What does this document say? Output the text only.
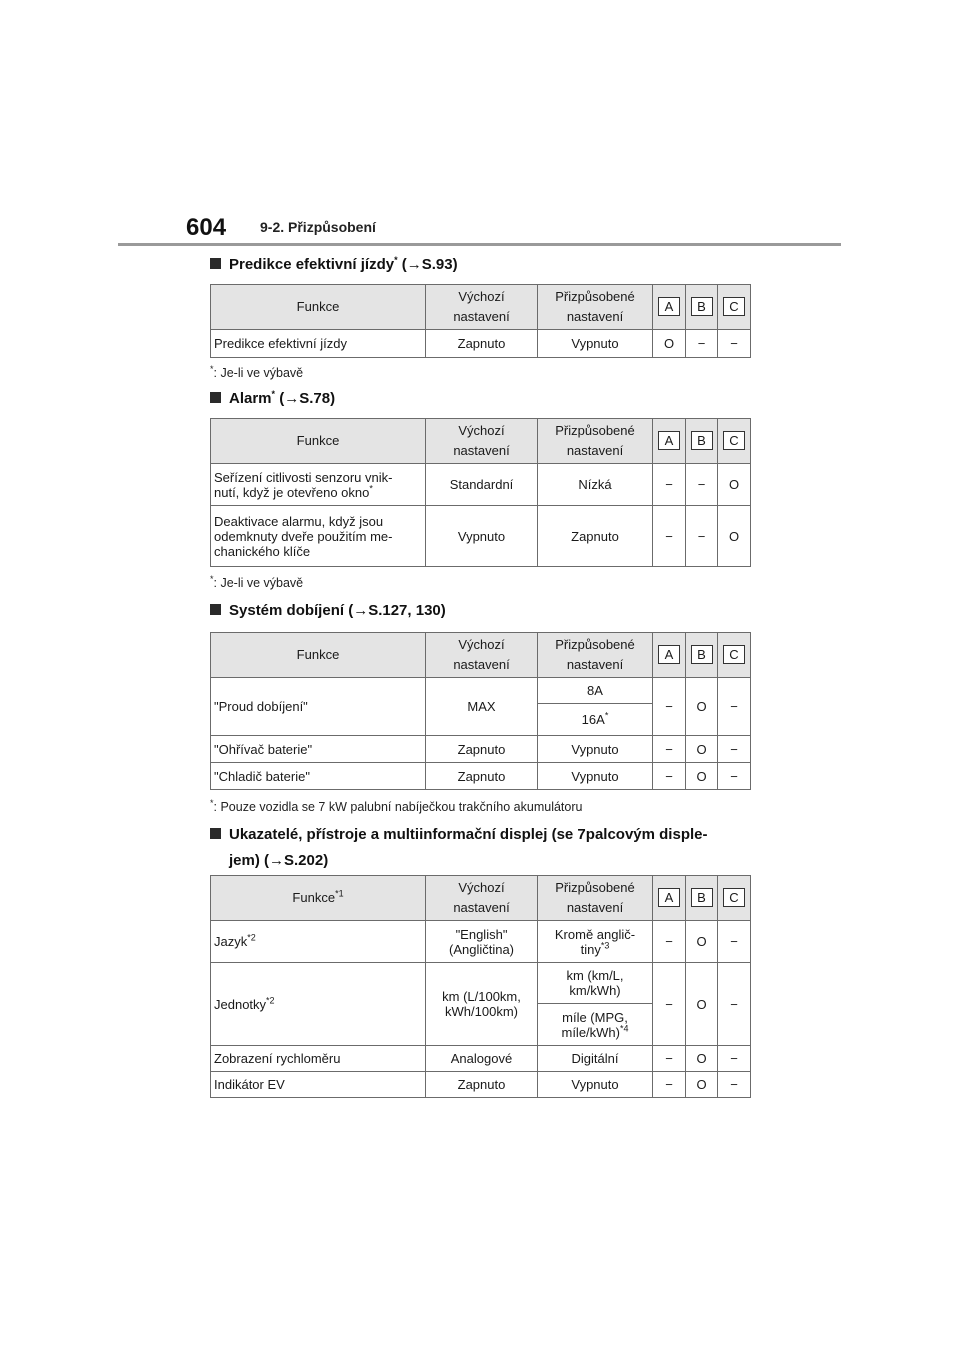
604 9-2. Přizpůsobení
Predikce efektivní jízdy* (→S.93)
Funkce	Výchozí
nastavení	Přizpůsobené
nastavení	A	B	C
Predikce efektivní jízdy	Zapnuto	Vypnuto	O	−	−
*: Je-li ve výbavě
Alarm* (→S.78)
Funkce	Výchozí
nastavení	Přizpůsobené
nastavení	A	B	C
Seřízení citlivosti senzoru vnik-
nutí, když je otevřeno okno*	Standardní	Nízká	−	−	O
Deaktivace alarmu, když jsou
odemknuty dveře použitím me-
chanického klíče	Vypnuto	Zapnuto	−	−	O
*: Je-li ve výbavě
Systém dobíjení (→S.127, 130)
Funkce	Výchozí
nastavení	Přizpůsobené
nastavení	A	B	C
"Proud dobíjení"	MAX	8A	−	O	−
		16A*
"Ohřívač baterie"	Zapnuto	Vypnuto	−	O	−
"Chladič baterie"	Zapnuto	Vypnuto	−	O	−
*: Pouze vozidla se 7 kW palubní nabíječkou trakčního akumulátoru
Ukazatelé, přístroje a multiinformační displej (se 7palcovým disple-
jem) (→S.202)
Funkce$^{*1}$	Výchozí
nastavení	Přizpůsobené
nastavení	A	B	C
Jazyk$^{*2}$	"English"
(Angličtina)	Kromě anglič-
tiny$^{*3}$	−	O	−
Jednotky$^{*2}$	km (L/100km,
kWh/100km)	km (km/L,
km/kWh)	−	O	−
		míle (MPG,
míle/kWh)$^{*4}$
Zobrazení rychloměru	Analogové	Digitální	−	O	−
Indikátor EV	Zapnuto	Vypnuto	−	O	−
